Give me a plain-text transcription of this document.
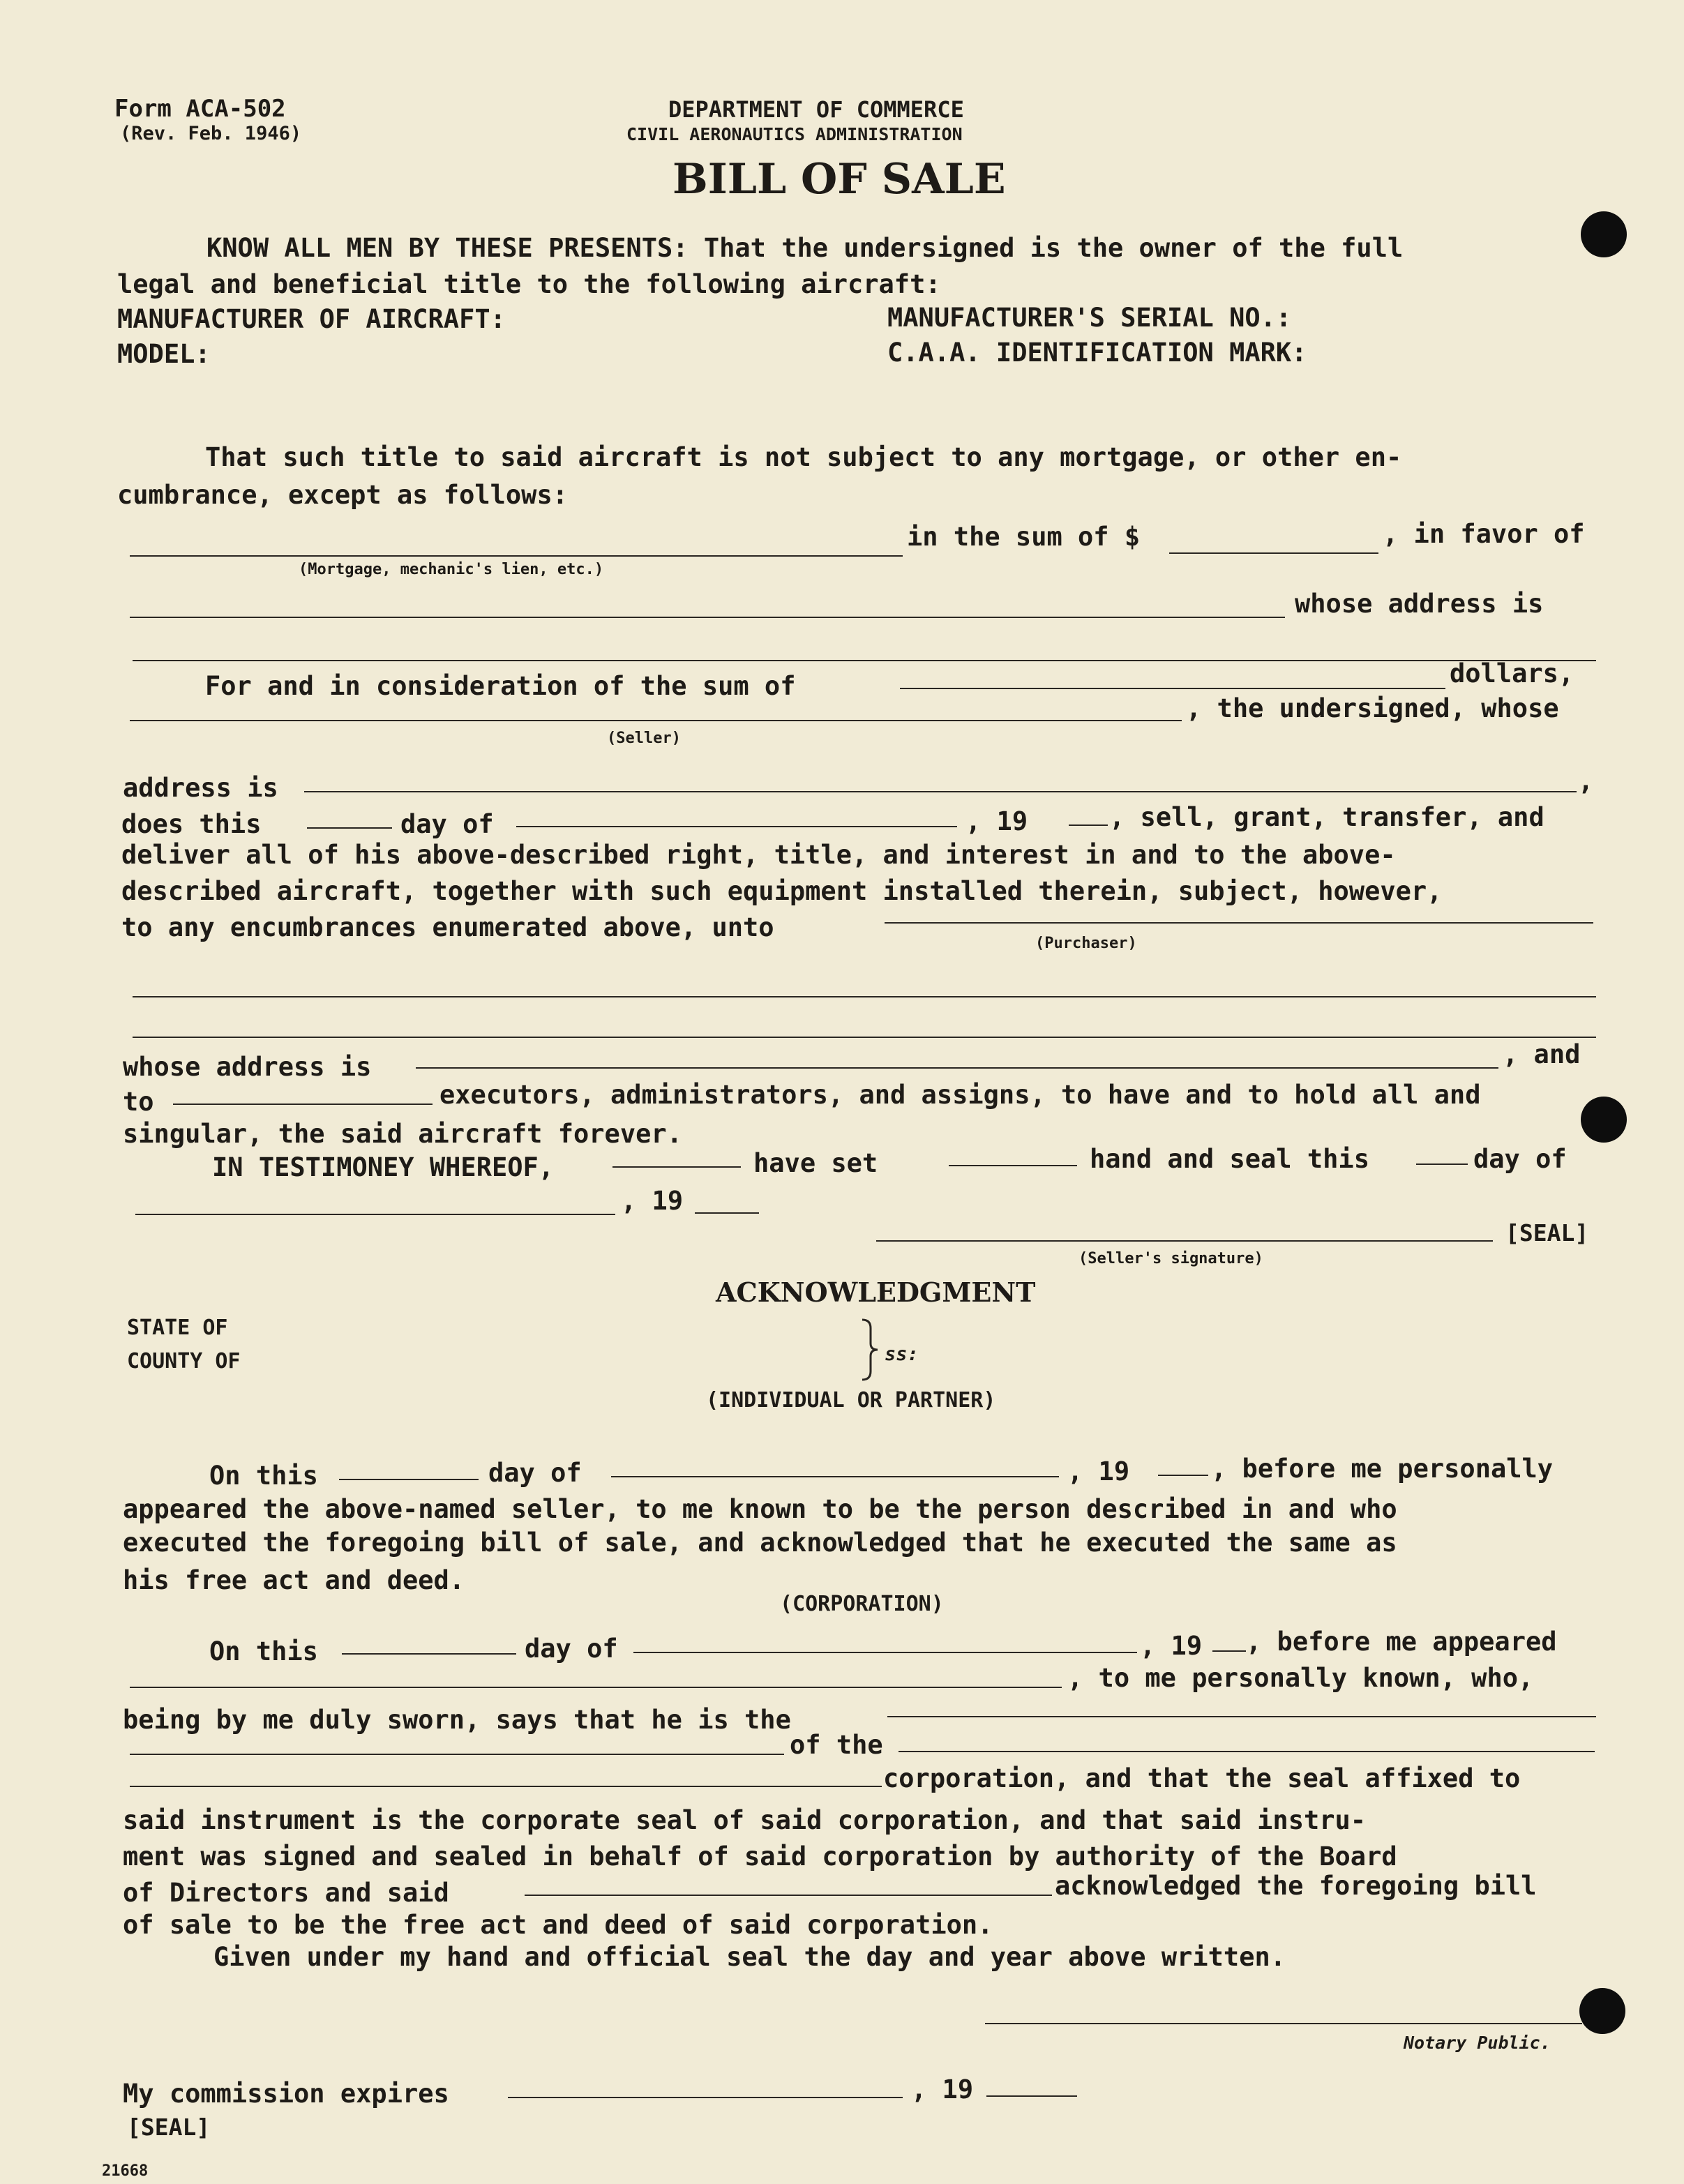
Form ACA-502
(Rev. Feb. 1946)
DEPARTMENT OF COMMERCE
CIVIL AERONAUTICS ADMINISTRATION
BILL OF SALE
KNOW ALL MEN BY THESE PRESENTS: That the undersigned is the owner of the full
legal and beneficial title to the following aircraft:
MANUFACTURER OF AIRCRAFT:	MANUFACTURER'S SERIAL NO.:
MODEL:	C.A.A. IDENTIFICATION MARK:
That such title to said aircraft is not subject to any mortgage, or other en-
cumbrance, except as follows:
in the sum of $	, in favor of
(Mortgage, mechanic's lien, etc.)
whose address is
For and in consideration of the sum of	dollars,
, the undersigned, whose
(Seller)
address is	,
does this	day of	, 19	, sell, grant, transfer, and
deliver all of his above-described right, title, and interest in and to the above-
described aircraft, together with such equipment installed therein, subject, however,
to any encumbrances enumerated above, unto
(Purchaser)
whose address is	, and
to	executors, administrators, and assigns, to have and to hold all and
singular, the said aircraft forever.
IN TESTIMONEY WHEREOF,	have set	hand and seal this	day of
, 19
[SEAL]
(Seller's signature)
ACKNOWLEDGMENT
STATE OF
COUNTY OF	ss:
(INDIVIDUAL OR PARTNER)
On this	day of	, 19	, before me personally
appeared the above-named seller, to me known to be the person described in and who
executed the foregoing bill of sale, and acknowledged that he executed the same as
his free act and deed.
(CORPORATION)
On this	day of	, 19 , before me appeared
, to me personally known, who,
being by me duly sworn, says that he is the
of the
corporation, and that the seal affixed to
said instrument is the corporate seal of said corporation, and that said instru-
ment was signed and sealed in behalf of said corporation by authority of the Board
of Directors and said	acknowledged the foregoing bill
of sale to be the free act and deed of said corporation.
Given under my hand and official seal the day and year above written.
Notary Public.
My commission expires	, 19
[SEAL]
21668
